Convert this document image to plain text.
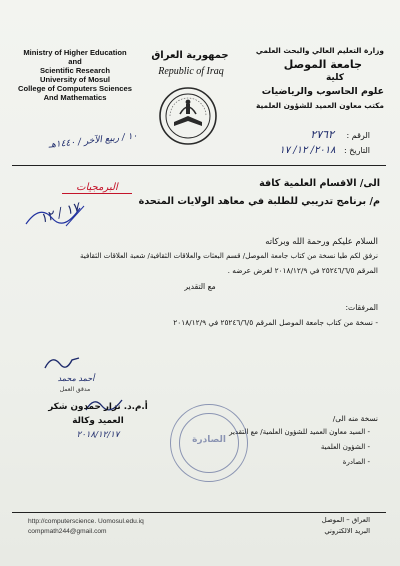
Ministry of Higher Education and
Scientific Research
University of Mosul
College of Computers Sciences
And Mathematics
جمهورية العراق
Republic of Iraq
وزارة التعليم العالي والبحث العلمي
جامعة الموصل
كلية
علوم الحاسوب والرياضيات
مكتب معاون العميد للشؤون العلمية
الرقم : ٢٧٦٢
التاريخ : ٢٠١٨/ ١٢/ ١٧
١٠ / ربيع الآخر / ١٤٤٠هـ
الى/ الاقسام العلمية كافة
م/ برنامج تدريبي للطلبة في معاهد الولايات المتحدة
البرمجيات
١٧ / ١٢
السلام عليكم ورحمة الله وبركاته
نرفق لكم طيا نسخة من كتاب جامعة الموصل/ قسم البعثات والعلاقات الثقافية/ شعبة العلاقات الثقافية
المرقم ٢٥٢٤٦/٦/٥ في ٢٠١٨/١٢/٩ لغرض عرضه .
مع التقدير
المرفقات:
- نسخة من كتاب جامعة الموصل المرقم ٢٥٢٤٦/٦/٥ في ٢٠١٨/١٢/٩
أحمد محمد
مدقق العمل
أ.م.د. نزار حمدون شكر
العميد وكالة
٢٠١٨/١٢/١٧
نسخة منه الى/
- السيد معاون العميد للشؤون العلمية/ مع التقدير
- الشؤون العلمية
- الصادرة
الصادرة
http://computerscience. Uomosul.edu.iq
compmath244@gmail.com
العراق – الموصل
البريد الالكتروني
